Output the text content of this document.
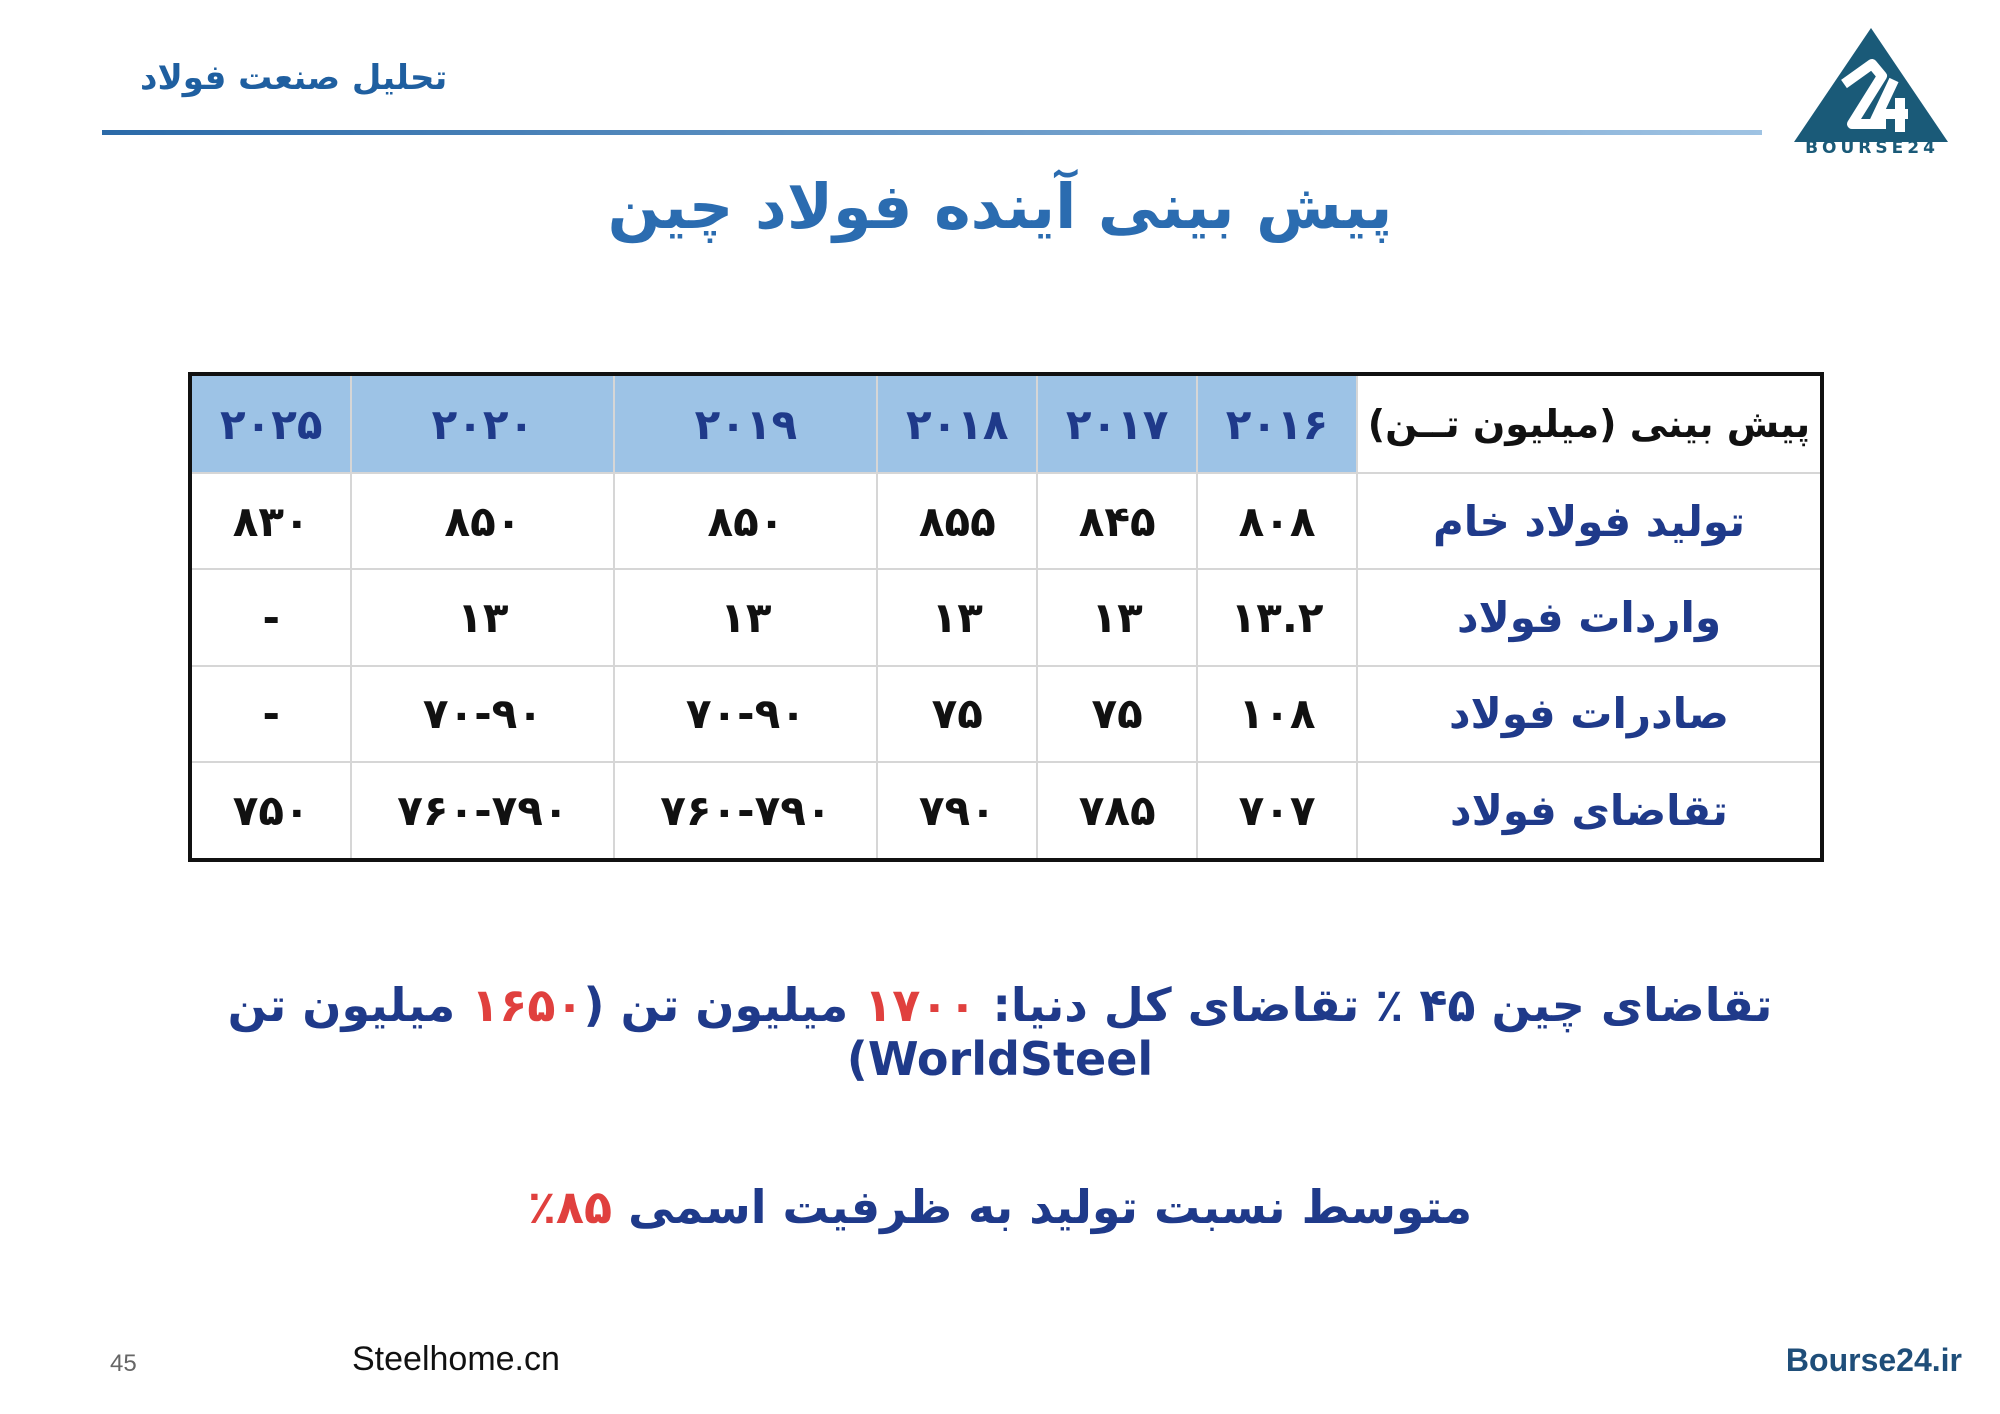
تحلیل صنعت فولاد
BOURSE24
پیش بینی آینده فولاد چین
پیش بینی (میلیون تــن)	۲۰۱۶	۲۰۱۷	۲۰۱۸	۲۰۱۹	۲۰۲۰	۲۰۲۵
تولید فولاد خام	۸۰۸	۸۴۵	۸۵۵	۸۵۰	۸۵۰	۸۳۰
واردات فولاد	۱۳.۲	۱۳	۱۳	۱۳	۱۳	-
صادرات فولاد	۱۰۸	۷۵	۷۵	۷۰-۹۰	۷۰-۹۰	-
تقاضای فولاد	۷۰۷	۷۸۵	۷۹۰	۷۶۰-۷۹۰	۷۶۰-۷۹۰	۷۵۰
تقاضای چین ۴۵ ٪ تقاضای کل دنیا: ۱۷۰۰ میلیون تن (۱۶۵۰ میلیون تن WorldSteel)
متوسط نسبت تولید به ظرفیت اسمی ۸۵٪
45	Steelhome.cn	Bourse24.ir
